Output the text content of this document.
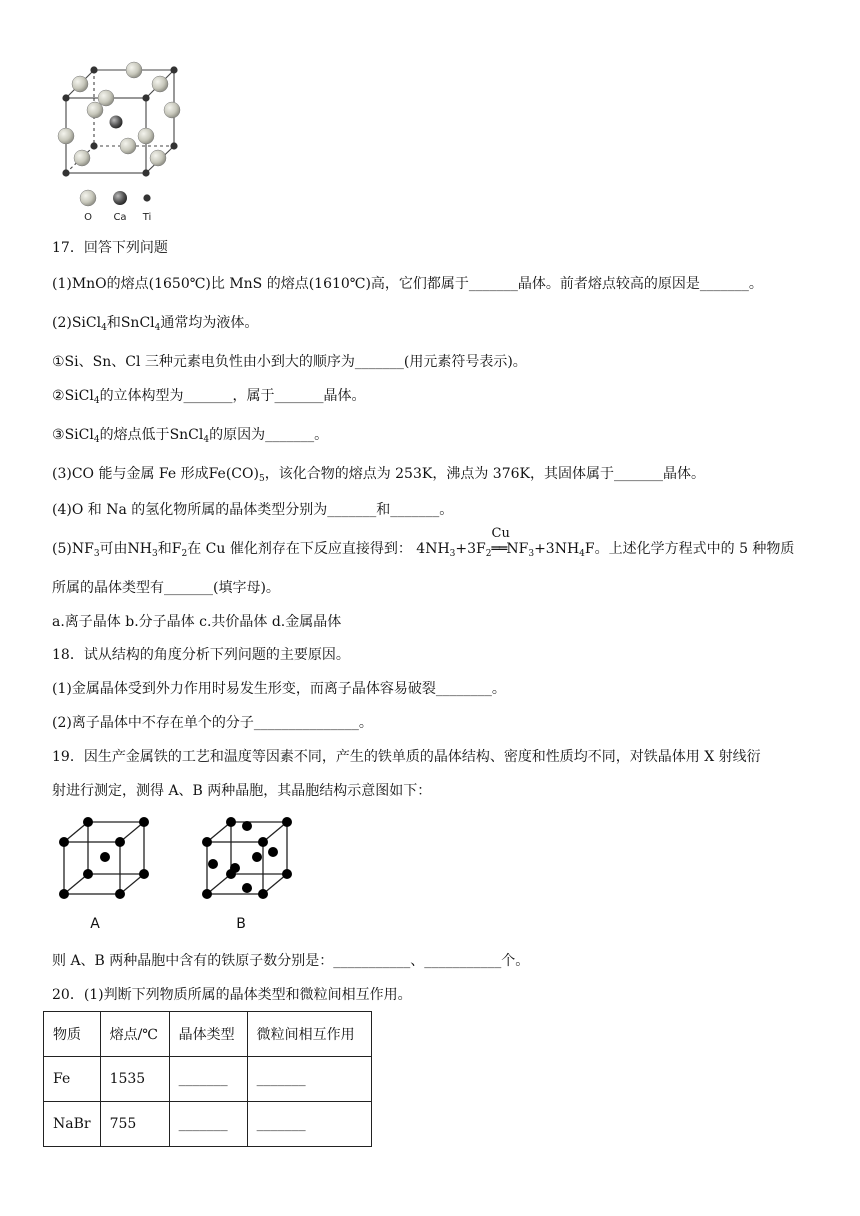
O Ca Ti
17．回答下列问题
(1)MnO的熔点(1650℃)比 MnS 的熔点(1610℃)高，它们都属于_______晶体。前者熔点较高的原因是_______。
(2)SiCl$_4$和SnCl$_4$通常均为液体。
①Si、Sn、Cl 三种元素电负性由小到大的顺序为_______(用元素符号表示)。
②SiCl$_4$的立体构型为_______，属于_______晶体。
③SiCl$_4$的熔点低于SnCl$_4$的原因为_______。
(3)CO 能与金属 Fe 形成$Fe(CO)_5$，该化合物的熔点为 253K，沸点为 376K，其固体属于_______晶体。
(4)O 和 Na 的氢化物所属的晶体类型分别为_______和_______。
$(5)NF_3$可由$NH_3$和$F_2$在 Cu 催化剂存在下反应直接得到： $4NH_3+3F_2$
Cu
$══NF_3+3NH_4F$。上述化学方程式中的 5 种物质
所属的晶体类型有_______(填字母)。
a.离子晶体 b.分子晶体 c.共价晶体 d.金属晶体
18．试从结构的角度分析下列问题的主要原因。
(1)金属晶体受到外力作用时易发生形变，而离子晶体容易破裂________。
(2)离子晶体中不存在单个的分子_______________。
19．因生产金属铁的工艺和温度等因素不同，产生的铁单质的晶体结构、密度和性质均不同，对铁晶体用 X 射线衍
射进行测定，测得 A、B 两种晶胞，其晶胞结构示意图如下：
A	B
则 A、B 两种晶胞中含有的铁原子数分别是：___________、___________个。
20．(1)判断下列物质所属的晶体类型和微粒间相互作用。
物质	熔点/℃	晶体类型	微粒间相互作用
Fe	1535	_______	_______
NaBr	755	_______	_______
